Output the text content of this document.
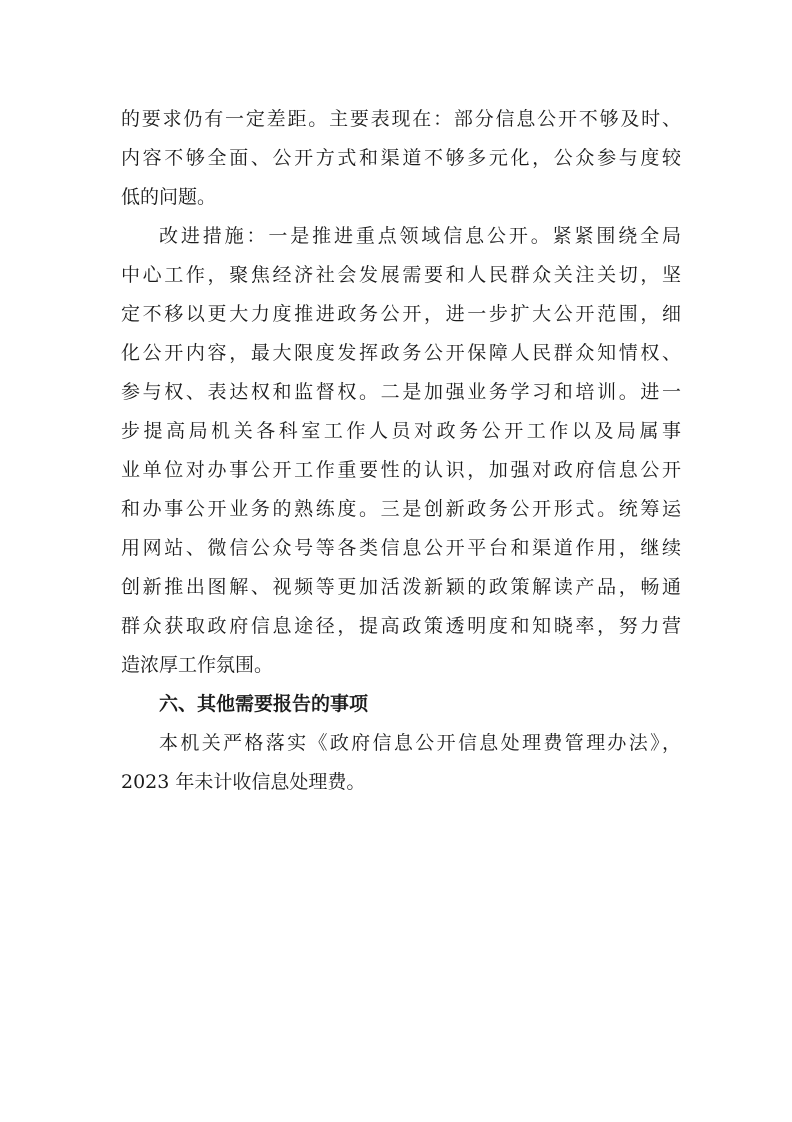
的要求仍有一定差距。主要表现在：部分信息公开不够及时、
内容不够全面、公开方式和渠道不够多元化，公众参与度较
低的问题。
改进措施：一是推进重点领域信息公开。紧紧围绕全局
中心工作，聚焦经济社会发展需要和人民群众关注关切，坚
定不移以更大力度推进政务公开，进一步扩大公开范围，细
化公开内容，最大限度发挥政务公开保障人民群众知情权、
参与权、表达权和监督权。二是加强业务学习和培训。进一
步提高局机关各科室工作人员对政务公开工作以及局属事
业单位对办事公开工作重要性的认识，加强对政府信息公开
和办事公开业务的熟练度。三是创新政务公开形式。统筹运
用网站、微信公众号等各类信息公开平台和渠道作用，继续
创新推出图解、视频等更加活泼新颖的政策解读产品，畅通
群众获取政府信息途径，提高政策透明度和知晓率，努力营
造浓厚工作氛围。
六、其他需要报告的事项
本机关严格落实《政府信息公开信息处理费管理办法》，
2023 年未计收信息处理费。
